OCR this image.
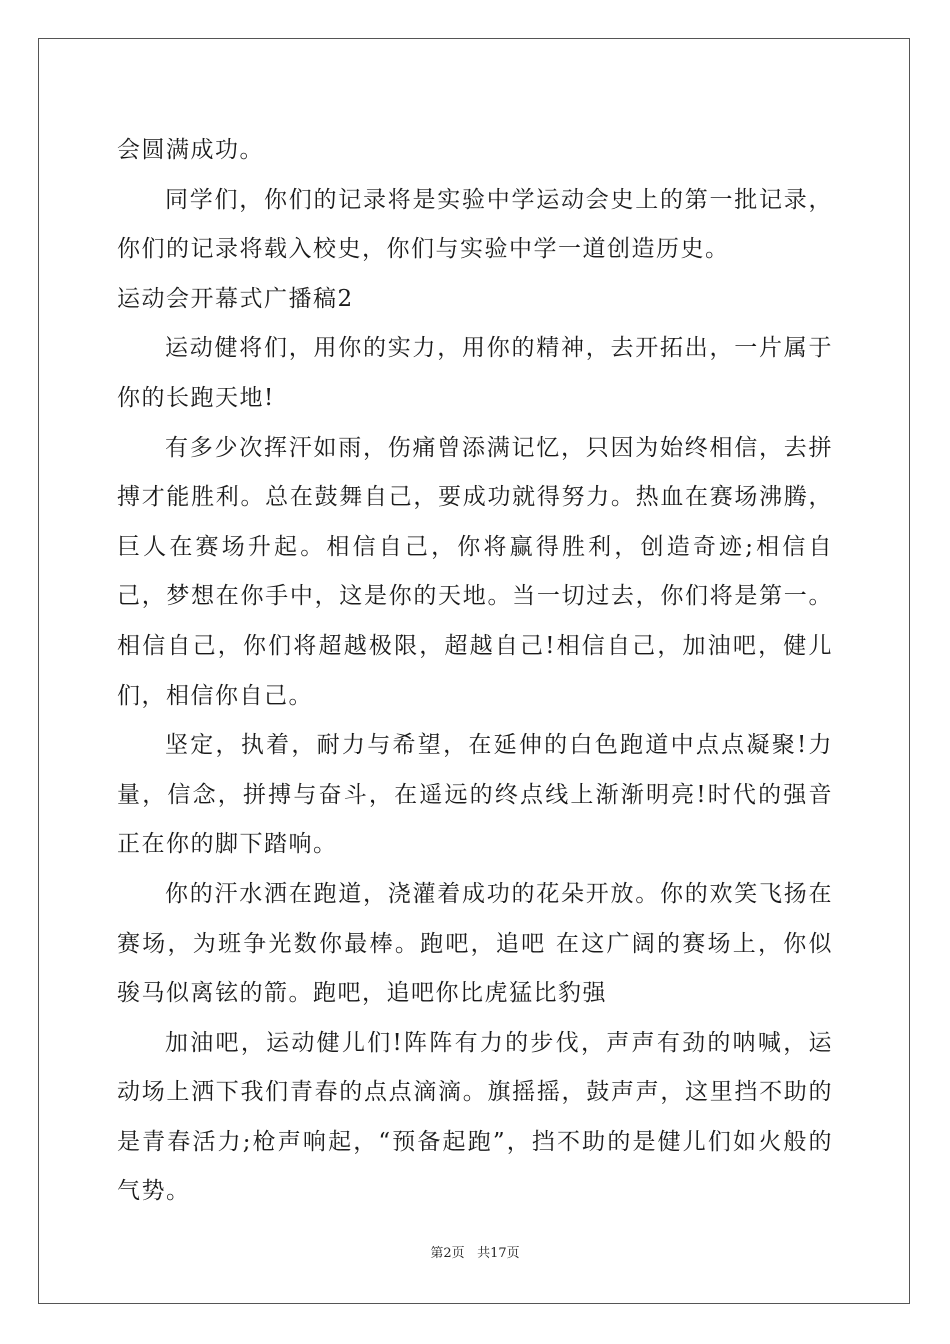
会圆满成功。

同学们，你们的记录将是实验中学运动会史上的第一批记录，你们的记录将载入校史，你们与实验中学一道创造历史。

运动会开幕式广播稿2

运动健将们，用你的实力，用你的精神，去开拓出，一片属于你的长跑天地!

有多少次挥汗如雨，伤痛曾添满记忆，只因为始终相信，去拼搏才能胜利。总在鼓舞自己，要成功就得努力。热血在赛场沸腾，巨人在赛场升起。相信自己，你将赢得胜利，创造奇迹;相信自己，梦想在你手中，这是你的天地。当一切过去，你们将是第一。相信自己，你们将超越极限，超越自己!相信自己，加油吧，健儿们，相信你自己。

坚定，执着，耐力与希望，在延伸的白色跑道中点点凝聚!力量，信念，拼搏与奋斗，在遥远的终点线上渐渐明亮!时代的强音正在你的脚下踏响。

你的汗水洒在跑道，浇灌着成功的花朵开放。你的欢笑飞扬在赛场，为班争光数你最棒。跑吧，追吧 在这广阔的赛场上，你似骏马似离铉的箭。跑吧，追吧你比虎猛比豹强

加油吧，运动健儿们!阵阵有力的步伐，声声有劲的呐喊，运动场上洒下我们青春的点点滴滴。旗摇摇，鼓声声，这里挡不助的是青春活力;枪声响起，“预备起跑”，挡不助的是健儿们如火般的气势。

第2页 共17页
